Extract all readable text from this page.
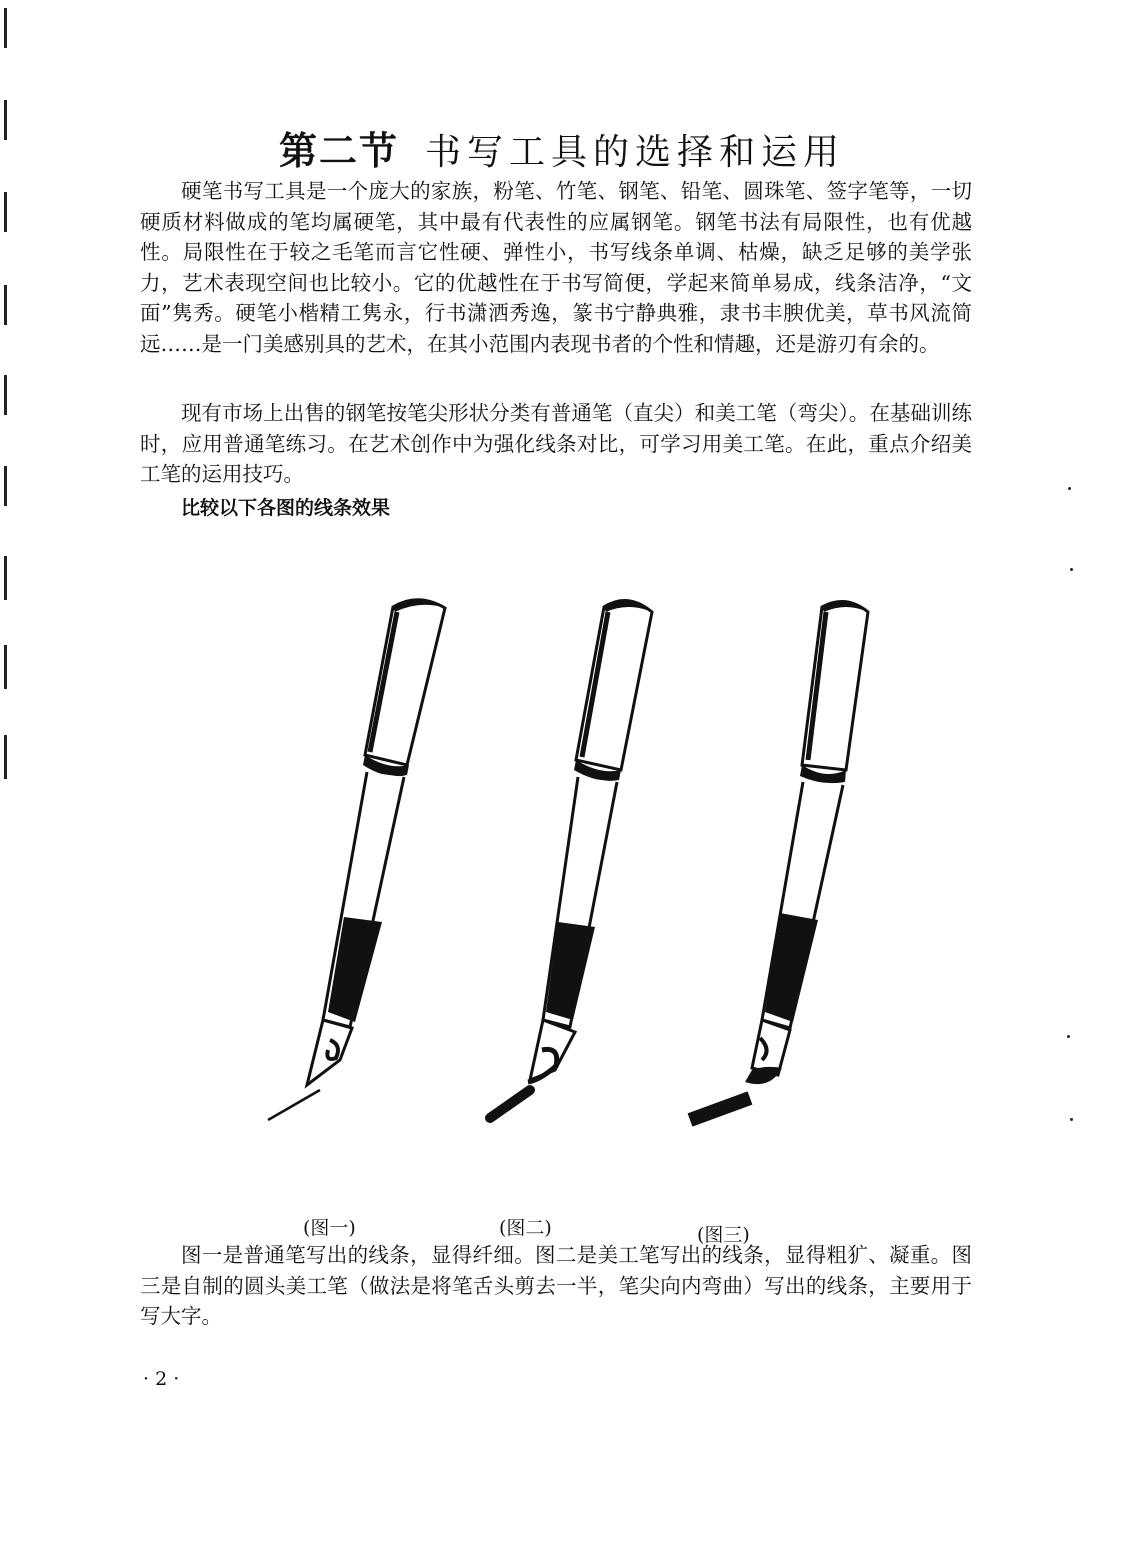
第二节 书写工具的选择和运用

硬笔书写工具是一个庞大的家族，粉笔、竹笔、钢笔、铅笔、圆珠笔、签字笔等，一切硬质材料做成的笔均属硬笔，其中最有代表性的应属钢笔。钢笔书法有局限性，也有优越性。局限性在于较之毛笔而言它性硬、弹性小，书写线条单调、枯燥，缺乏足够的美学张力，艺术表现空间也比较小。它的优越性在于书写简便，学起来简单易成，线条洁净，“文面”隽秀。硬笔小楷精工隽永，行书潇洒秀逸，篆书宁静典雅，隶书丰腴优美，草书风流简远……是一门美感别具的艺术，在其小范围内表现书者的个性和情趣，还是游刃有余的。

现有市场上出售的钢笔按笔尖形状分类有普通笔（直尖）和美工笔（弯尖）。在基础训练时，应用普通笔练习。在艺术创作中为强化线条对比，可学习用美工笔。在此，重点介绍美工笔的运用技巧。

比较以下各图的线条效果
(图一)	(图二)	(图三)

图一是普通笔写出的线条，显得纤细。图二是美工笔写出的线条，显得粗犷、凝重。图三是自制的圆头美工笔（做法是将笔舌头剪去一半，笔尖向内弯曲）写出的线条，主要用于写大字。

· 2 ·
